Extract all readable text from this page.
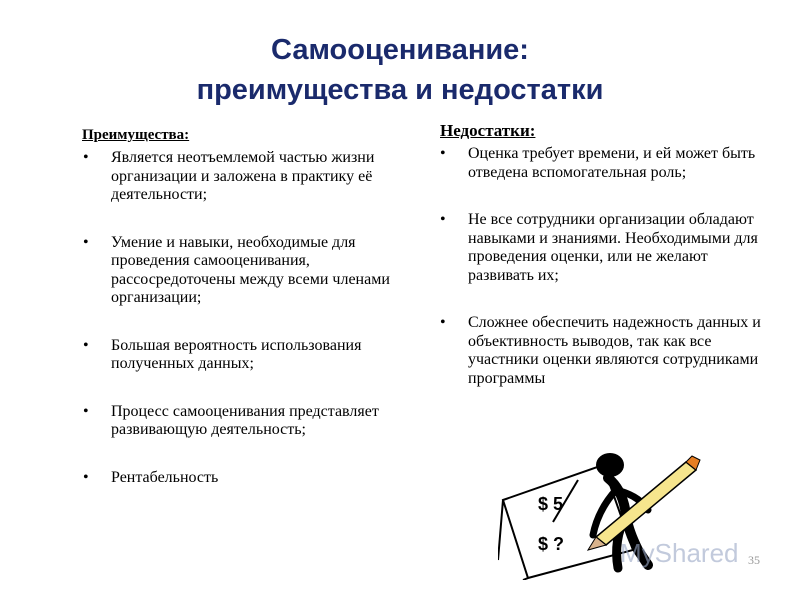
Самооценивание:
преимущества и недостатки
Преимущества:
• Является неотъемлемой частью жизни организации и заложена в практику её деятельности;
• Умение и навыки, необходимые для проведения самооценивания, рассосредоточены между всеми членами организации;
• Большая вероятность использования полученных данных;
• Процесс самооценивания представляет развивающую деятельность;
• Рентабельность
Недостатки:
• Оценка требует времени, и ей может быть отведена вспомогательная роль;
• Не все сотрудники организации обладают навыками и знаниями. Необходимыми для проведения оценки, или не желают развивать их;
• Сложнее обеспечить надежность данных и объективность выводов, так как все участники оценки являются сотрудниками программы
$ 5
$ ? MyShared 35
